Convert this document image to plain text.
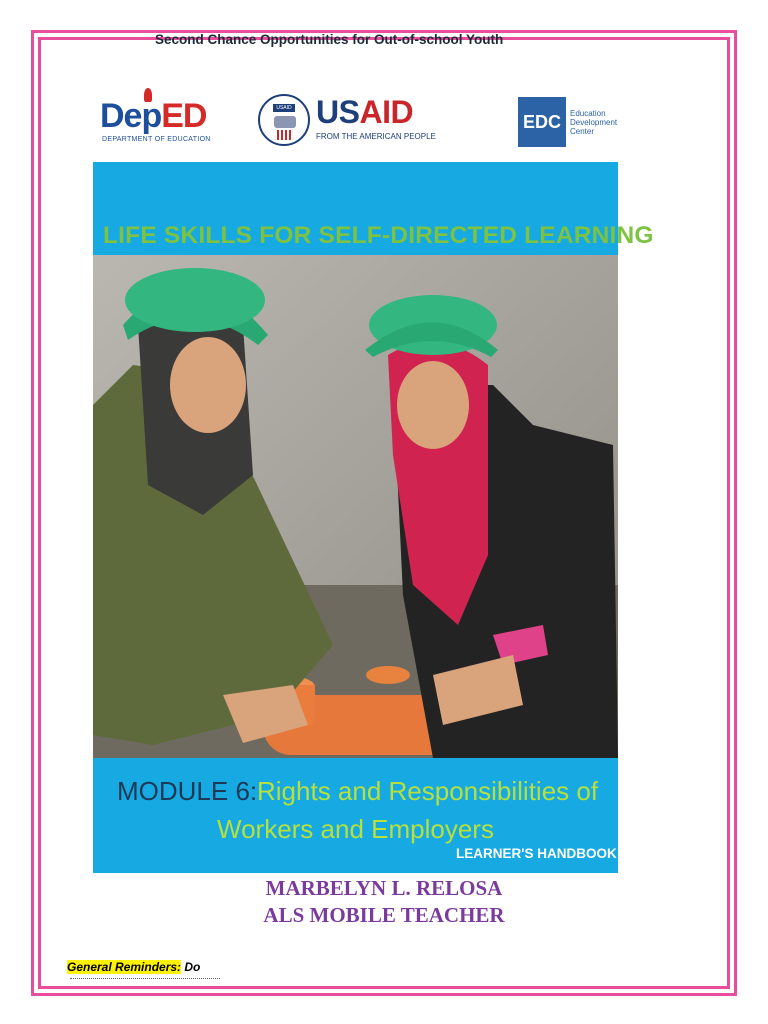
DepED
DEPARTMENT OF EDUCATION
USAID USAID
FROM THE AMERICAN PEOPLE
EDC	Education Development Center
USAID Opportunity 2.0 Progra
Second Chance Opportunities for Out-of-school Youth
LIFE SKILLS FOR SELF-DIRECTED LEARNING
MODULE 6: Rights and Responsibilities of
Workers and Employers
LEARNER'S HANDBOOK
MARBELYN L. RELOSA
ALS MOBILE TEACHER
General Reminders: Do
